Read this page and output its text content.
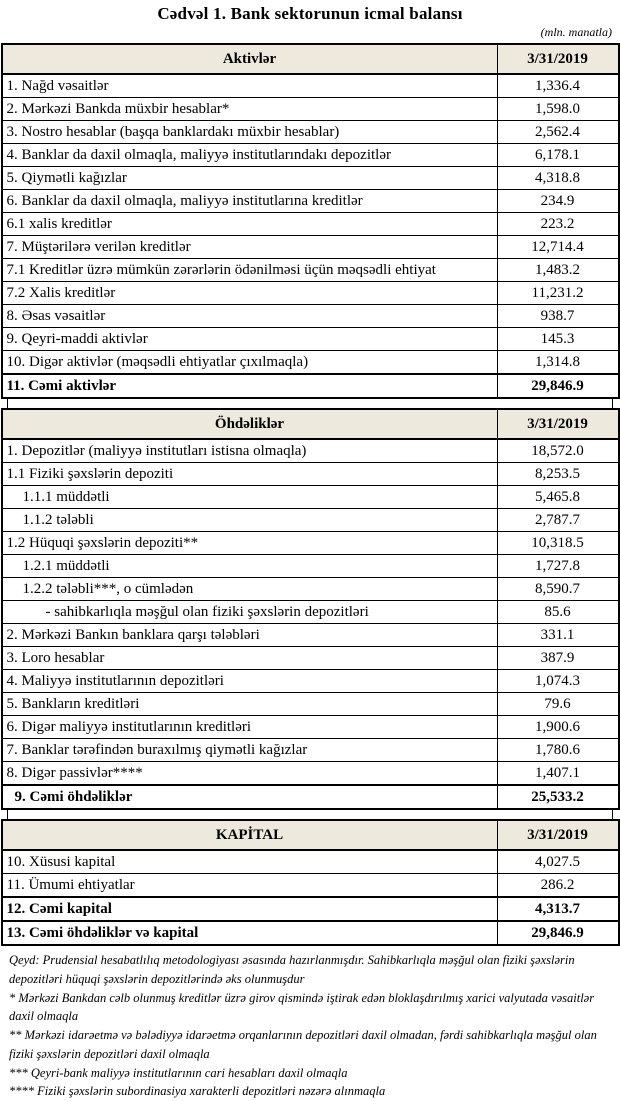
Cədvəl 1. Bank sektorunun icmal balansı
(mln. manatla)
Aktivlər	3/31/2019
1. Nağd vəsaitlər	1,336.4
2. Mərkəzi Bankda müxbir hesablar*	1,598.0
3. Nostro hesablar (başqa banklardakı müxbir hesablar)	2,562.4
4. Banklar da daxil olmaqla, maliyyə institutlarındakı depozitlər	6,178.1
5. Qiymətli kağızlar	4,318.8
6. Banklar da daxil olmaqla, maliyyə institutlarına kreditlər	234.9
6.1 xalis kreditlər	223.2
7. Müştərilərə verilən kreditlər	12,714.4
7.1 Kreditlər üzrə mümkün zərərlərin ödənilməsi üçün məqsədli ehtiyat	1,483.2
7.2 Xalis kreditlər	11,231.2
8. Əsas vəsaitlər	938.7
9. Qeyri-maddi aktivlər	145.3
10. Digər aktivlər (məqsədli ehtiyatlar çıxılmaqla)	1,314.8
11. Cəmi aktivlər	29,846.9
Öhdəliklər	3/31/2019
1. Depozitlər (maliyyə institutları istisna olmaqla)	18,572.0
1.1 Fiziki şəxslərin depoziti	8,253.5
1.1.1 müddətli	5,465.8
1.1.2 tələbli	2,787.7
1.2 Hüquqi şəxslərin depoziti**	10,318.5
1.2.1 müddətli	1,727.8
1.2.2 tələbli***, o cümlədən	8,590.7
- sahibkarlıqla məşğul olan fiziki şəxslərin depozitləri	85.6
2. Mərkəzi Bankın banklara qarşı tələbləri	331.1
3. Loro hesablar	387.9
4. Maliyyə institutlarının depozitləri	1,074.3
5. Bankların kreditləri	79.6
6. Digər maliyyə institutlarının kreditləri	1,900.6
7. Banklar tərəfindən buraxılmış qiymətli kağızlar	1,780.6
8. Digər passivlər****	1,407.1
9. Cəmi öhdəliklər	25,533.2
KAPİTAL	3/31/2019
10. Xüsusi kapital	4,027.5
11. Ümumi ehtiyatlar	286.2
12. Cəmi kapital	4,313.7
13. Cəmi öhdəliklər və kapital	29,846.9

Qeyd: Prudensial hesabatlılıq metodologiyası əsasında hazırlanmışdır. Sahibkarlıqla məşğul olan fiziki şəxslərin depozitləri hüquqi şəxslərin depozitlərində əks olunmuşdur

* Mərkəzi Bankdan cəlb olunmuş kreditlər üzrə girov qismində iştirak edən bloklaşdırılmış xarici valyutada vəsaitlər daxil olmaqla

** Mərkəzi idarəetmə və bələdiyyə idarəetmə orqanlarının depozitləri daxil olmadan, fərdi sahibkarlıqla məşğul olan fiziki şəxslərin depozitləri daxil olmaqla

*** Qeyri-bank maliyyə institutlarının cari hesabları daxil olmaqla

**** Fiziki şəxslərin subordinasiya xarakterli depozitləri nəzərə alınmaqla
